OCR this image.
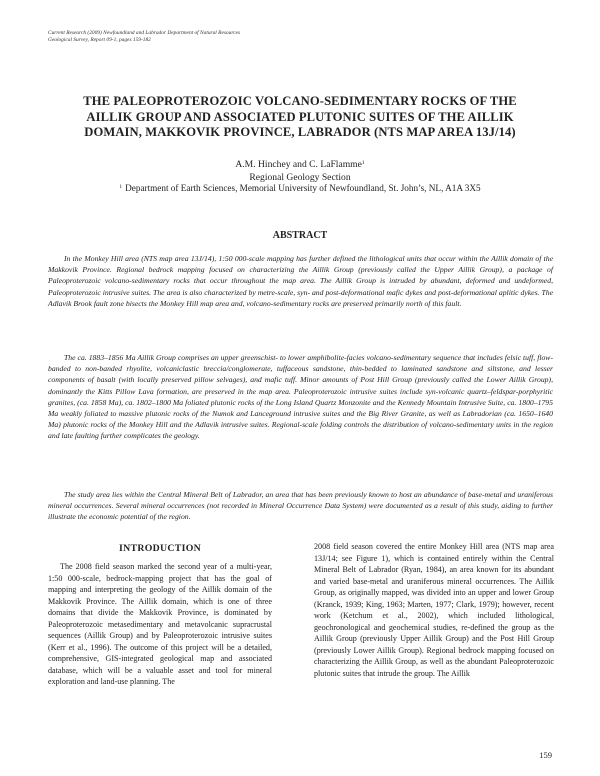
Current Research (2009) Newfoundland and Labrador Department of Natural Resources
Geological Survey, Report 09-1, pages 159-182
THE PALEOPROTEROZOIC VOLCANO-SEDIMENTARY ROCKS OF THE
AILLIK GROUP AND ASSOCIATED PLUTONIC SUITES OF THE AILLIK
DOMAIN, MAKKOVIK PROVINCE, LABRADOR (NTS MAP AREA 13J/14)
A.M. Hinchey and C. LaFlamme$^1$
Regional Geology Section
$^1$ Department of Earth Sciences, Memorial University of Newfoundland, St. John’s, NL, A1A 3X5
ABSTRACT
In the Monkey Hill area (NTS map area 13J/14), 1:50 000-scale mapping has further defined the lithological units that occur within the Aillik domain of the Makkovik Province. Regional bedrock mapping focused on characterizing the Aillik Group (previously called the Upper Aillik Group), a package of Paleoproterozoic volcano-sedimentary rocks that occur throughout the map area. The Aillik Group is intruded by abundant, deformed and undeformed, Paleoproterozoic intrusive suites. The area is also characterized by metre-scale, syn- and post-deformational mafic dykes and post-deformational aplitic dykes. The Adlavik Brook fault zone bisects the Monkey Hill map area and, volcano-sedimentary rocks are preserved primarily north of this fault.
The ca. 1883–1856 Ma Aillik Group comprises an upper greenschist- to lower amphibolite-facies volcano-sedimentary sequence that includes felsic tuff, flow-banded to non-banded rhyolite, volcaniclastic breccia/conglomerate, tuffaceous sandstone, thin-bedded to laminated sandstone and siltstone, and lesser components of basalt (with locally preserved pillow selvages), and mafic tuff. Minor amounts of Post Hill Group (previously called the Lower Aillik Group), dominantly the Kitts Pillow Lava formation, are preserved in the map area. Paleoproterozoic intrusive suites include syn-volcanic quartz–feldspar-porphyritic granites, (ca. 1858 Ma), ca. 1802–1800 Ma foliated plutonic rocks of the Long Island Quartz Monzonite and the Kennedy Mountain Intrusive Suite, ca. 1800–1795 Ma weakly foliated to massive plutonic rocks of the Numok and Lanceground intrusive suites and the Big River Granite, as well as Labradorian (ca. 1650–1640 Ma) plutonic rocks of the Monkey Hill and the Adlavik intrusive suites. Regional-scale folding controls the distribution of volcano-sedimentary units in the region and late faulting further complicates the geology.
The study area lies within the Central Mineral Belt of Labrador, an area that has been previously known to host an abundance of base-metal and uraniferous mineral occurrences. Several mineral occurrences (not recorded in Mineral Occurrence Data System) were documented as a result of this study, aiding to further illustrate the economic potential of the region.
INTRODUCTION

The 2008 field season marked the second year of a multi-year, 1:50 000-scale, bedrock-mapping project that has the goal of mapping and interpreting the geology of the Aillik domain of the Makkovik Province. The Aillik domain, which is one of three domains that divide the Makkovik Province, is dominated by Paleoproterozoic metasedimentary and metavolcanic supracrustal sequences (Aillik Group) and by Paleoproterozoic intrusive suites (Kerr et al., 1996). The outcome of this project will be a detailed, comprehensive, GIS-integrated geological map and associated database, which will be a valuable asset and tool for mineral exploration and land-use planning. The

2008 field season covered the entire Monkey Hill area (NTS map area 13J/14; see Figure 1), which is contained entirely within the Central Mineral Belt of Labrador (Ryan, 1984), an area known for its abundant and varied base-metal and uraniferous mineral occurrences. The Aillik Group, as originally mapped, was divided into an upper and lower Group (Kranck, 1939; King, 1963; Marten, 1977; Clark, 1979); however, recent work (Ketchum et al., 2002), which included lithological, geochronological and geochemical studies, re-defined the group as the Aillik Group (previously Upper Aillik Group) and the Post Hill Group (previously Lower Aillik Group). Regional bedrock mapping focused on characterizing the Aillik Group, as well as the abundant Paleoproterozoic plutonic suites that intrude the group. The Aillik

159
